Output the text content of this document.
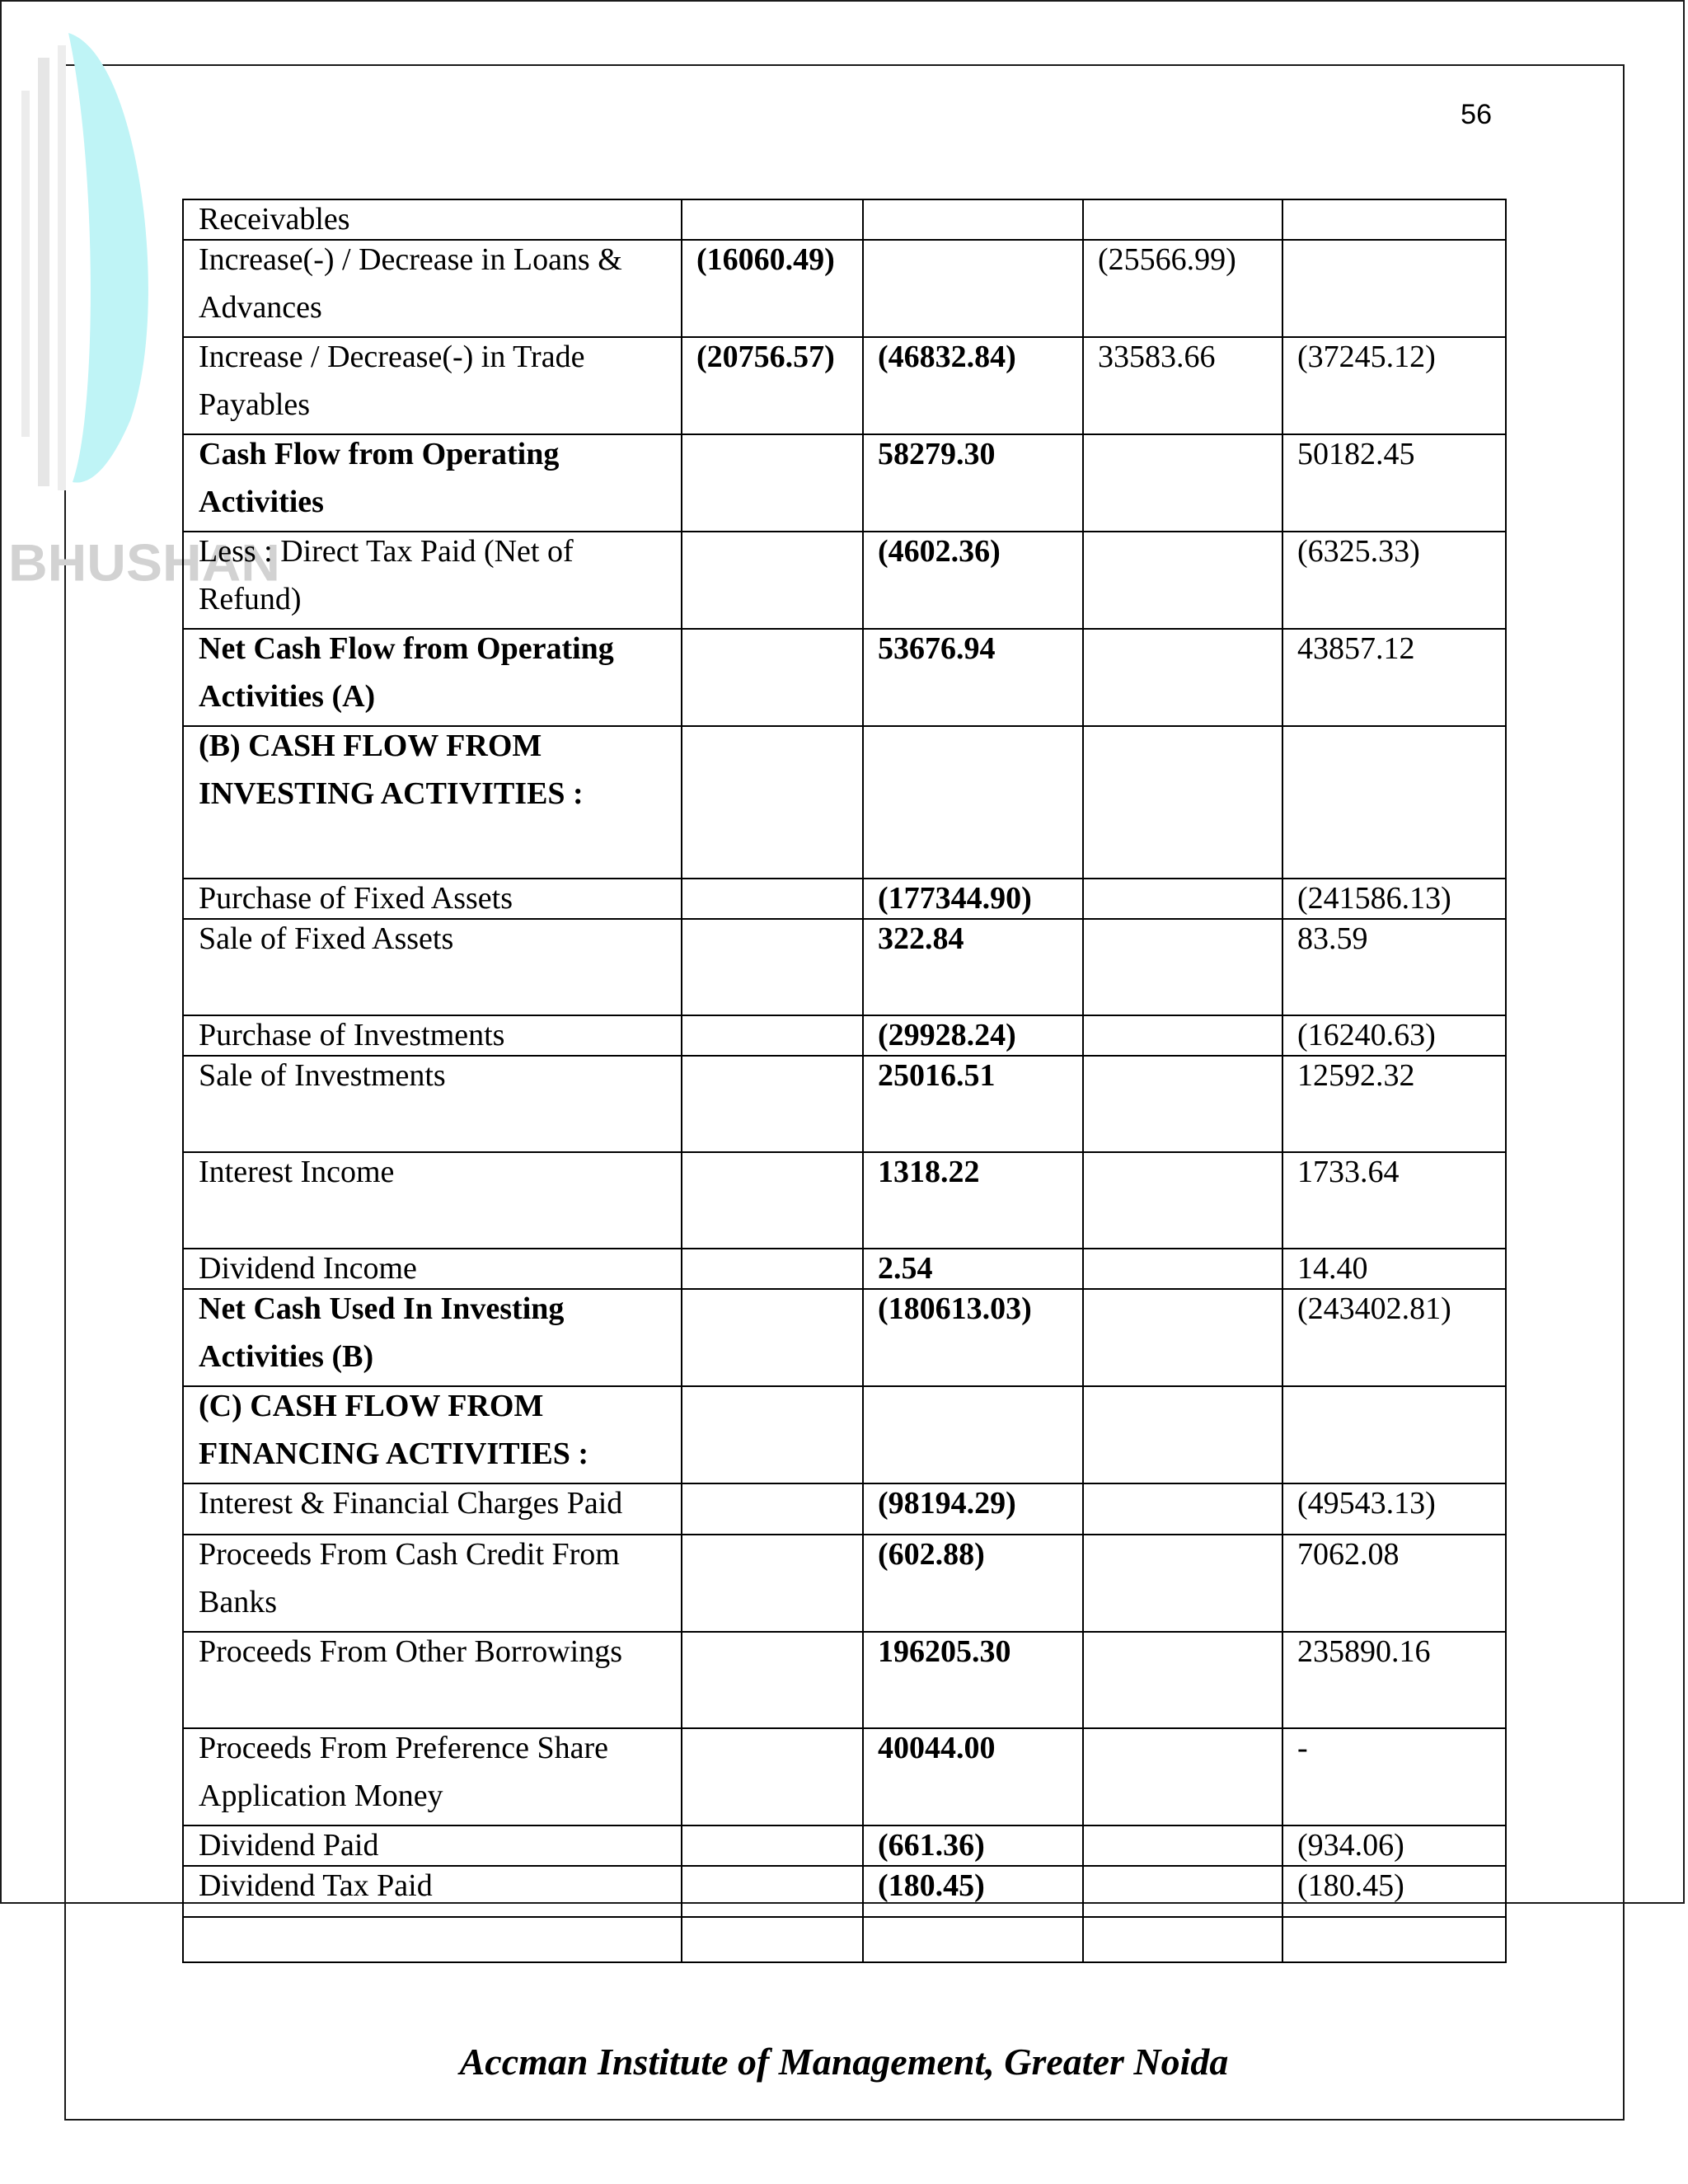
BHUSHAN
56
Receivables				

Increase(-) / Decrease in Loans &
Advances	(16060.49)		(25566.99)	

Increase / Decrease(-) in Trade
Payables	(20756.57)	(46832.84)	33583.66	(37245.12)

Cash Flow from Operating
Activities		58279.30		50182.45

Less : Direct Tax Paid (Net of
Refund)		(4602.36)		(6325.33)

Net Cash Flow from Operating
Activities (A)		53676.94		43857.12

(B) CASH FLOW FROM
INVESTING ACTIVITIES :				

Purchase of Fixed Assets		(177344.90)		(241586.13)

Sale of Fixed Assets		322.84		83.59

Purchase of Investments		(29928.24)		(16240.63)

Sale of Investments		25016.51		12592.32

Interest Income		1318.22		1733.64

Dividend Income		2.54		14.40

Net Cash Used In Investing
Activities (B)		(180613.03)		(243402.81)

(C) CASH FLOW FROM
FINANCING ACTIVITIES :				

Interest & Financial Charges Paid		(98194.29)		(49543.13)

Proceeds From Cash Credit From
Banks		(602.88)		7062.08

Proceeds From Other Borrowings		196205.30		235890.16

Proceeds From Preference Share
Application Money		40044.00		-

Dividend Paid		(661.36)		(934.06)

Dividend Tax Paid		(180.45)		(180.45)

Accman Institute of Management, Greater Noida
